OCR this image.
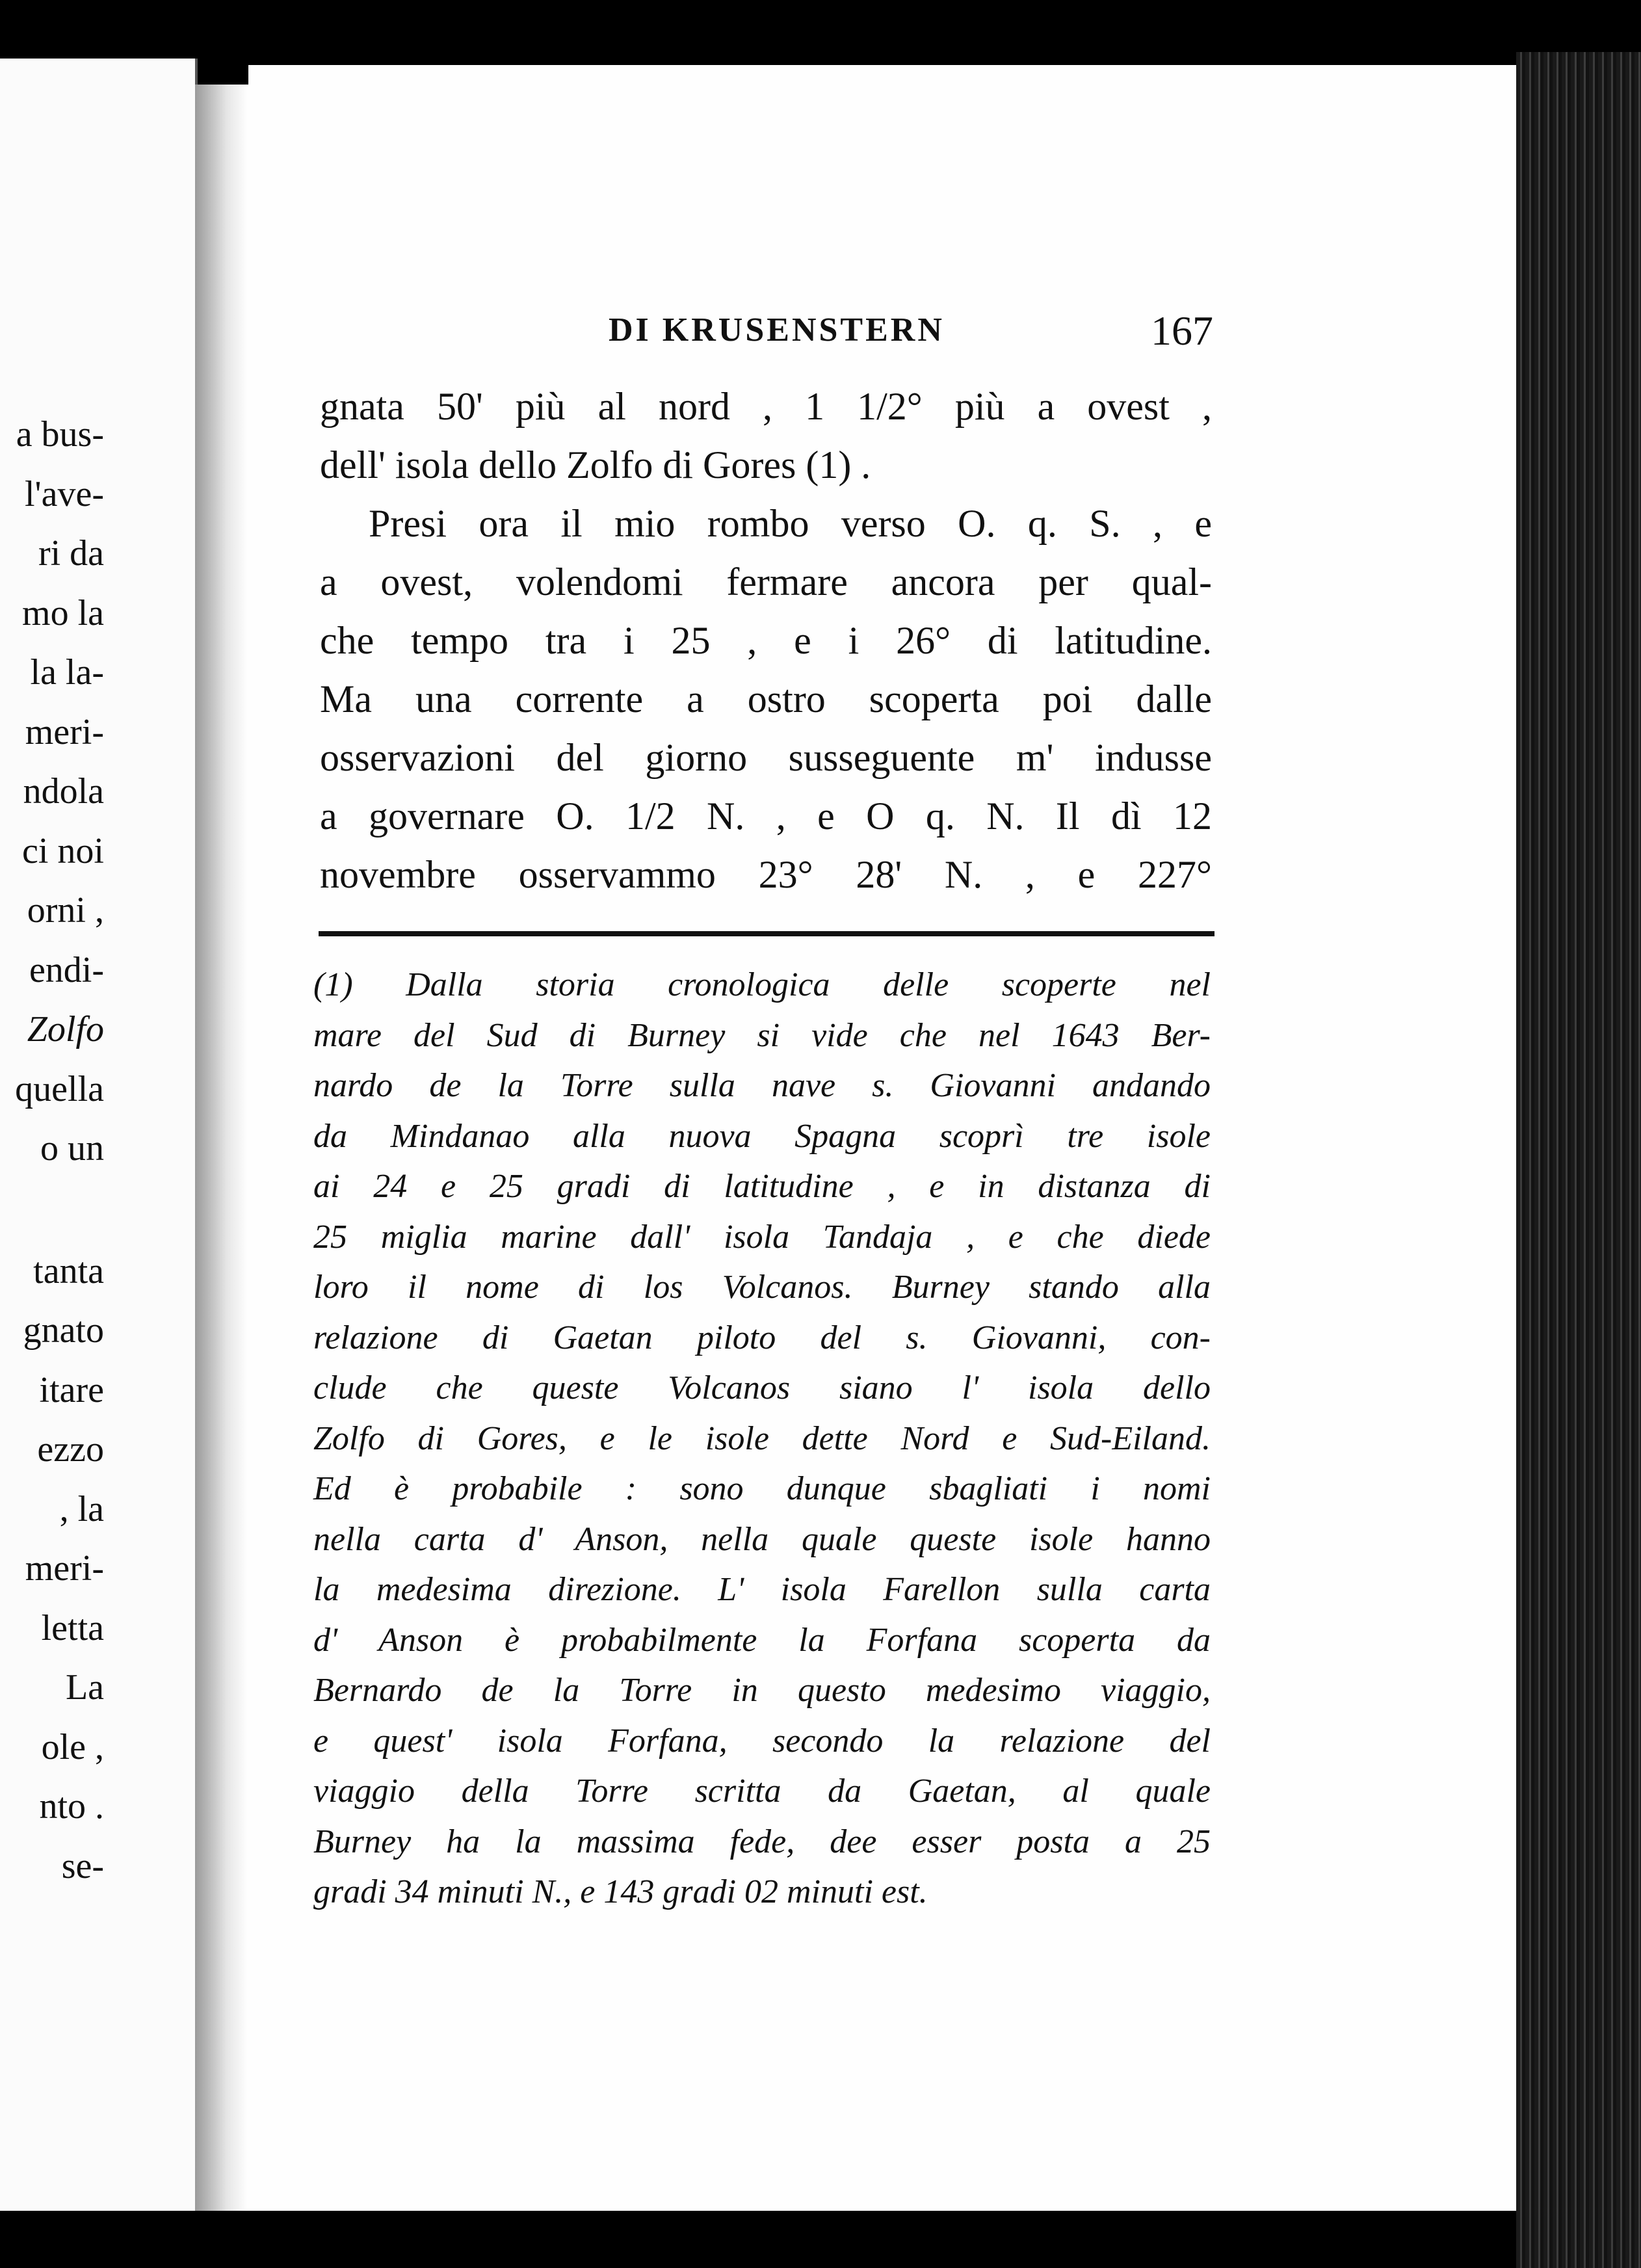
a bus-
l'ave-
ri da
mo la
la la-
meri-
ndola
ci noi
orni ,
endi-
Zolfo
quella
o un
tanta
gnato
itare
ezzo
, la
meri-
letta
La
ole ,
nto .
se-
DI KRUSENSTERN	167
gnata 50' più al nord , 1 1/2° più a ovest ,
dell' isola dello Zolfo di Gores (1) .
Presi ora il mio rombo verso O. q. S. , e
a ovest, volendomi fermare ancora per qual-
che tempo tra i 25 , e i 26° di latitudine.
Ma una corrente a ostro scoperta poi dalle
osservazioni del giorno susseguente m' indusse
a governare O. 1/2 N. , e O q. N. Il dì 12
novembre osservammo 23° 28' N. , e 227°
(1) Dalla storia cronologica delle scoperte nel
mare del Sud di Burney si vide che nel 1643 Ber-
nardo de la Torre sulla nave s. Giovanni andando
da Mindanao alla nuova Spagna scoprì tre isole
ai 24 e 25 gradi di latitudine , e in distanza di
25 miglia marine dall' isola Tandaja , e che diede
loro il nome di los Volcanos. Burney stando alla
relazione di Gaetan piloto del s. Giovanni, con-
clude che queste Volcanos siano l' isola dello
Zolfo di Gores, e le isole dette Nord e Sud-Eiland.
Ed è probabile : sono dunque sbagliati i nomi
nella carta d' Anson, nella quale queste isole hanno
la medesima direzione. L' isola Farellon sulla carta
d' Anson è probabilmente la Forfana scoperta da
Bernardo de la Torre in questo medesimo viaggio,
e quest' isola Forfana, secondo la relazione del
viaggio della Torre scritta da Gaetan, al quale
Burney ha la massima fede, dee esser posta a 25
gradi 34 minuti N., e 143 gradi 02 minuti est.
